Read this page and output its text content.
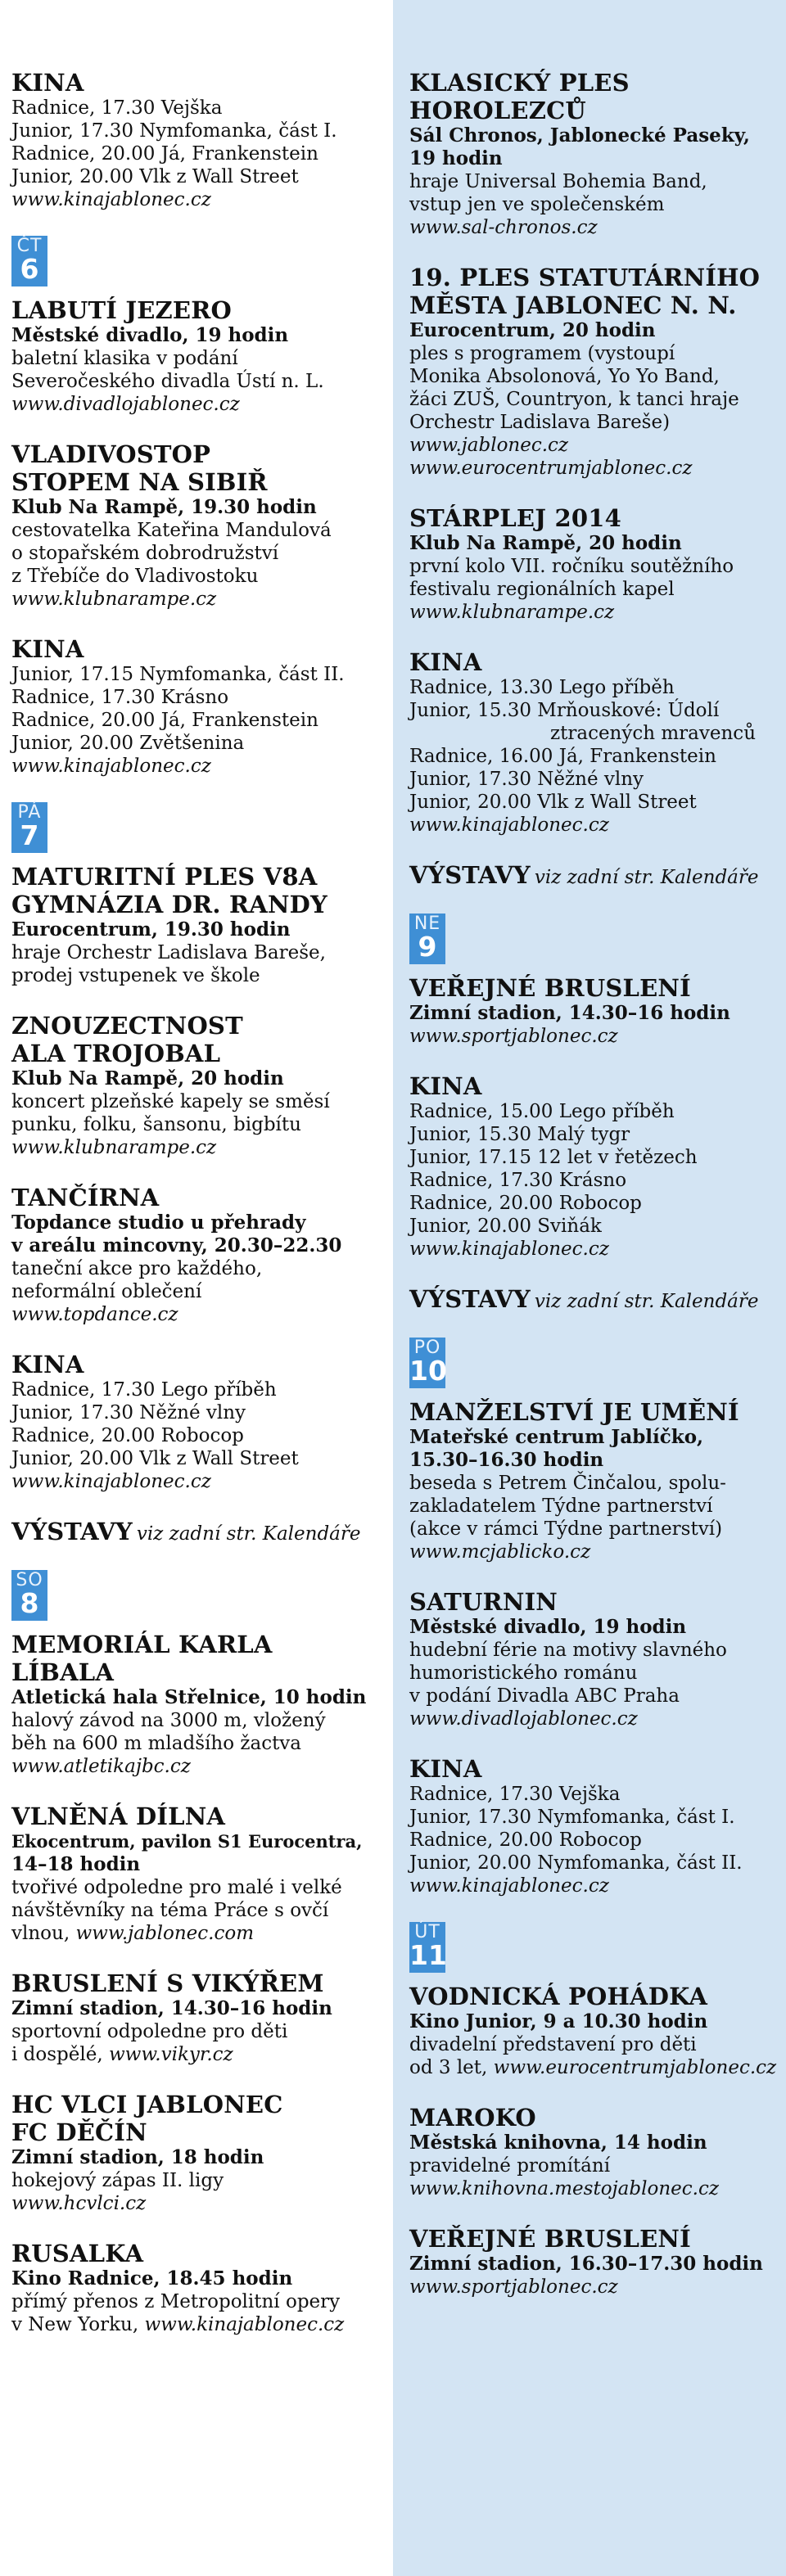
KINA
Radnice, 17.30 Vejška
Junior, 17.30 Nymfomanka, část I.
Radnice, 20.00 Já, Frankenstein
Junior, 20.00 Vlk z Wall Street
www.kinajablonec.cz
ČT
6
LABUTÍ JEZERO
Městské divadlo, 19 hodin
baletní klasika v podání
Severočeského divadla Ústí n. L.
www.divadlojablonec.cz
VLADIVOSTOP
STOPEM NA SIBIŘ
Klub Na Rampě, 19.30 hodin
cestovatelka Kateřina Mandulová
o stopařském dobrodružství
z Třebíče do Vladivostoku
www.klubnarampe.cz
KINA
Junior, 17.15 Nymfomanka, část II.
Radnice, 17.30 Krásno
Radnice, 20.00 Já, Frankenstein
Junior, 20.00 Zvětšenina
www.kinajablonec.cz
PÁ
7
MATURITNÍ PLES V8A
GYMNÁZIA DR. RANDY
Eurocentrum, 19.30 hodin
hraje Orchestr Ladislava Bareše,
prodej vstupenek ve škole
ZNOUZECTNOST
ALA TROJOBAL
Klub Na Rampě, 20 hodin
koncert plzeňské kapely se směsí
punku, folku, šansonu, bigbítu
www.klubnarampe.cz
TANČÍRNA
Topdance studio u přehrady
v areálu mincovny, 20.30–22.30
taneční akce pro každého,
neformální oblečení
www.topdance.cz
KINA
Radnice, 17.30 Lego příběh
Junior, 17.30 Něžné vlny
Radnice, 20.00 Robocop
Junior, 20.00 Vlk z Wall Street
www.kinajablonec.cz
VÝSTAVY viz zadní str. Kalendáře
SO
8
MEMORIÁL KARLA LÍBALA
Atletická hala Střelnice, 10 hodin
halový závod na 3000 m, vložený
běh na 600 m mladšího žactva
www.atletikajbc.cz
VLNĚNÁ DÍLNA
Ekocentrum, pavilon S1 Eurocentra,
14–18 hodin
tvořivé odpoledne pro malé i velké
návštěvníky na téma Práce s ovčí
vlnou, www.jablonec.com
BRUSLENÍ S VIKÝŘEM
Zimní stadion, 14.30–16 hodin
sportovní odpoledne pro děti
i dospělé, www.vikyr.cz
HC VLCI JABLONEC
FC DĚČÍN
Zimní stadion, 18 hodin
hokejový zápas II. ligy
www.hcvlci.cz
RUSALKA
Kino Radnice, 18.45 hodin
přímý přenos z Metropolitní opery
v New Yorku, www.kinajablonec.cz
KLASICKÝ PLES
HOROLEZCŮ
Sál Chronos, Jablonecké Paseky,
19 hodin
hraje Universal Bohemia Band,
vstup jen ve společenském
www.sal-chronos.cz
19. PLES STATUTÁRNÍHO
MĚSTA JABLONEC N. N.
Eurocentrum, 20 hodin
ples s programem (vystoupí
Monika Absolonová, Yo Yo Band,
žáci ZUŠ, Countryon, k tanci hraje
Orchestr Ladislava Bareše)
www.jablonec.cz
www.eurocentrumjablonec.cz
STÁRPLEJ 2014
Klub Na Rampě, 20 hodin
první kolo VII. ročníku soutěžního
festivalu regionálních kapel
www.klubnarampe.cz
KINA
Radnice, 13.30 Lego příběh
Junior, 15.30 Mrňouskové: Údolí
ztracených mravenců
Radnice, 16.00 Já, Frankenstein
Junior, 17.30 Něžné vlny
Junior, 20.00 Vlk z Wall Street
www.kinajablonec.cz
VÝSTAVY viz zadní str. Kalendáře
NE
9
VEŘEJNÉ BRUSLENÍ
Zimní stadion, 14.30–16 hodin
www.sportjablonec.cz
KINA
Radnice, 15.00 Lego příběh
Junior, 15.30 Malý tygr
Junior, 17.15 12 let v řetězech
Radnice, 17.30 Krásno
Radnice, 20.00 Robocop
Junior, 20.00 Sviňák
www.kinajablonec.cz
VÝSTAVY viz zadní str. Kalendáře
PO
10
MANŽELSTVÍ JE UMĚNÍ
Mateřské centrum Jablíčko,
15.30–16.30 hodin
beseda s Petrem Činčalou, spolu-
zakladatelem Týdne partnerství
(akce v rámci Týdne partnerství)
www.mcjablicko.cz
SATURNIN
Městské divadlo, 19 hodin
hudební férie na motivy slavného
humoristického románu
v podání Divadla ABC Praha
www.divadlojablonec.cz
KINA
Radnice, 17.30 Vejška
Junior, 17.30 Nymfomanka, část I.
Radnice, 20.00 Robocop
Junior, 20.00 Nymfomanka, část II.
www.kinajablonec.cz
ÚT
11
VODNICKÁ POHÁDKA
Kino Junior, 9 a 10.30 hodin
divadelní představení pro děti
od 3 let, www.eurocentrumjablonec.cz
MAROKO
Městská knihovna, 14 hodin
pravidelné promítání
www.knihovna.mestojablonec.cz
VEŘEJNÉ BRUSLENÍ
Zimní stadion, 16.30–17.30 hodin
www.sportjablonec.cz
